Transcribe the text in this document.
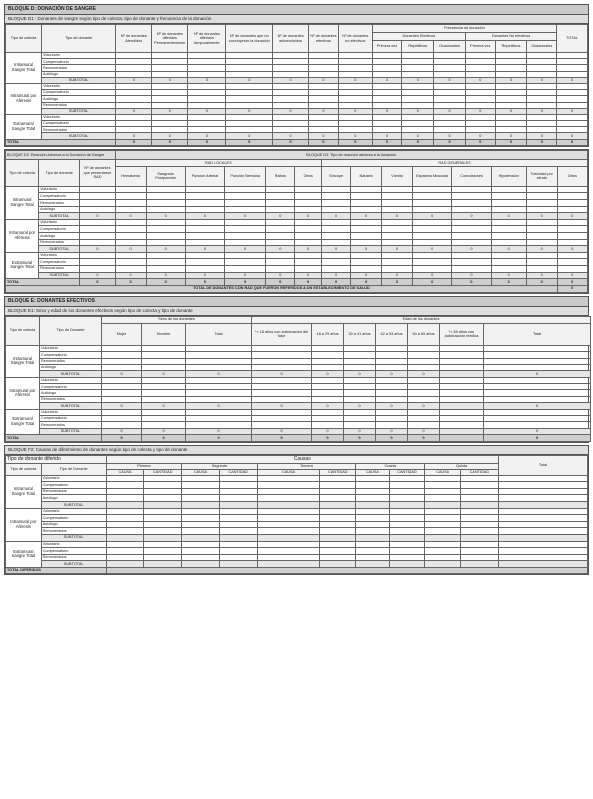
BLOQUE D: DONACIÓN DE SANGRE
BLOQUE D1 : Donantes de sangre según tipo de colecta, tipo de donante y frecuencia de la donación
Tipo de colecta	Tipo de donante	Nº de donantes Atendidos	Nº de donantes diferidos Permanentemente	Nº de donantes diferidos temporalmente	Nº de donantes que no concluyeron la donación	Nº de donantes autoexcluidos	Nº de donantes efectivos	Nº de donantes no efectivos	Frecuencia de donación						TOTAL
									Donantes Efectivos			Donantes No efectivos			
									Primera vez	Repetitivos	Ocasionales	Primera vez	Repetitivos	Ocasionales	
Intramural Sangre Total	Voluntario														
	Compensatorio														
	Remunerados														
	Autólogo														
	SUBTOTAL	0	0	0	0	0	0	0	0	0	0	0	0	0	0
Intramural por Aféresis	Voluntario														
	Compensatorio														
	Autólogo														
	Remunerados														
	SUBTOTAL	0	0	0	0	0	0	0	0	0	0	0	0	0	0
Extramural Sangre Total	Voluntario														
	Compensatorio														
	Remunerados														
	SUBTOTAL	0	0	0	0	0	0	0	0	0	0	0	0	0	0
TOTAL		0	0	0	0	0	0	0	0	0	0	0	0	0	0
BLOQUE D2: Reacción Adversa a la Donación de Sangre			BLOQUE D3: Tipo de reacción adversa a la donación													
Tipo de colecta	Tipo de donante	Nº de donantes que presentaron RAD	RAD LOCALES						RAD GENERALES							
			Hematoma	Sangrado Postpunción	Punción Arterial	Punción Nerviosa	Rabdo	Otros	Síncope	Náusea	Vómito	Espasmo Muscular	Convulsiones	Hipotensión	Toxicidad por citrato	Otros
Intramural Sangre Total	Voluntario															
	Compensatorio															
	Remunerados															
	Autólogo															
	SUBTOTAL	0	0	0	0	0	0	0	0	0	0	0	0	0	0	0
Intramural por Aféresis	Voluntario															
	Compensatorio															
	Autólogo															
	Remunerados															
	SUBTOTAL	0	0	0	0	0	0	0	0	0	0	0	0	0	0	0
Extramural Sangre Total	Voluntario															
	Compensatorio															
	Remunerados															
	SUBTOTAL	0	0	0	0	0	0	0	0	0	0	0	0	0	0	0
TOTAL		0	0	0	0	0	0	0	0	0	0	0	0	0	0	0
TOTAL DE DONANTES CON RAD QUE FUERON REFERIDOS A UN ESTABLECIMIENTO DE SALUD																0
BLOQUE E: DONANTES EFECTIVOS
BLOQUE E1: Sexo y edad de los donantes efectivos según tipo de colecta y tipo de donante
Tipo de colecta	Tipo de Donante	Sexo de los donantes			Edad de los donantes						
		Mujer	Hombre	Total	*< 18 años con autorización del tutor	18 a 29 años	30 a 41 años	42 a 53 años	54 a 65 años	*> 65 años con autorización médica	Total
Intramural Sangre Total	Voluntario										
	Compensatorio										
	Remunerados										
	Autólogo										
	SUBTOTAL	0	0	0	0	0	0	0	0		0
Intramural por Aféresis	Voluntario										
	Compensatorio										
	Autólogo										
	Remunerados										
	SUBTOTAL	0	0	0	0	0	0	0	0		0
Extramural Sangre Total	Voluntario										
	Compensatorio										
	Remunerados										
	SUBTOTAL	0	0	0	0	0	0	0	0		0
TOTAL		0	0	0	0	0	0	0	0		0
BLOQUE F2: Causas de diferimiento de donantes según tipo de colecta y tipo de donante
Tipo de donante diferido		Causas										Total
Tipo de colecta	Tipo de Donante	Primera		Segunda		Tercera		Cuarta		Quinta		
		CAUSA	CANTIDAD	CAUSA	CANTIDAD	CAUSA	CANTIDAD	CAUSA	CANTIDAD	CAUSA	CANTIDAD	
Intramural Sangre Total	Voluntario											
	Compensatorio											
	Remunerados											
	Autólogo											
	SUBTOTAL											
Intramural por Aféresis	Voluntario											
	Compensatorio											
	Autólogo											
	Remunerados											
	SUBTOTAL											
Extramural Sangre Total	Voluntario											
	Compensatorio											
	Remunerados											
	SUBTOTAL											
TOTAL DIFERIDOS												
